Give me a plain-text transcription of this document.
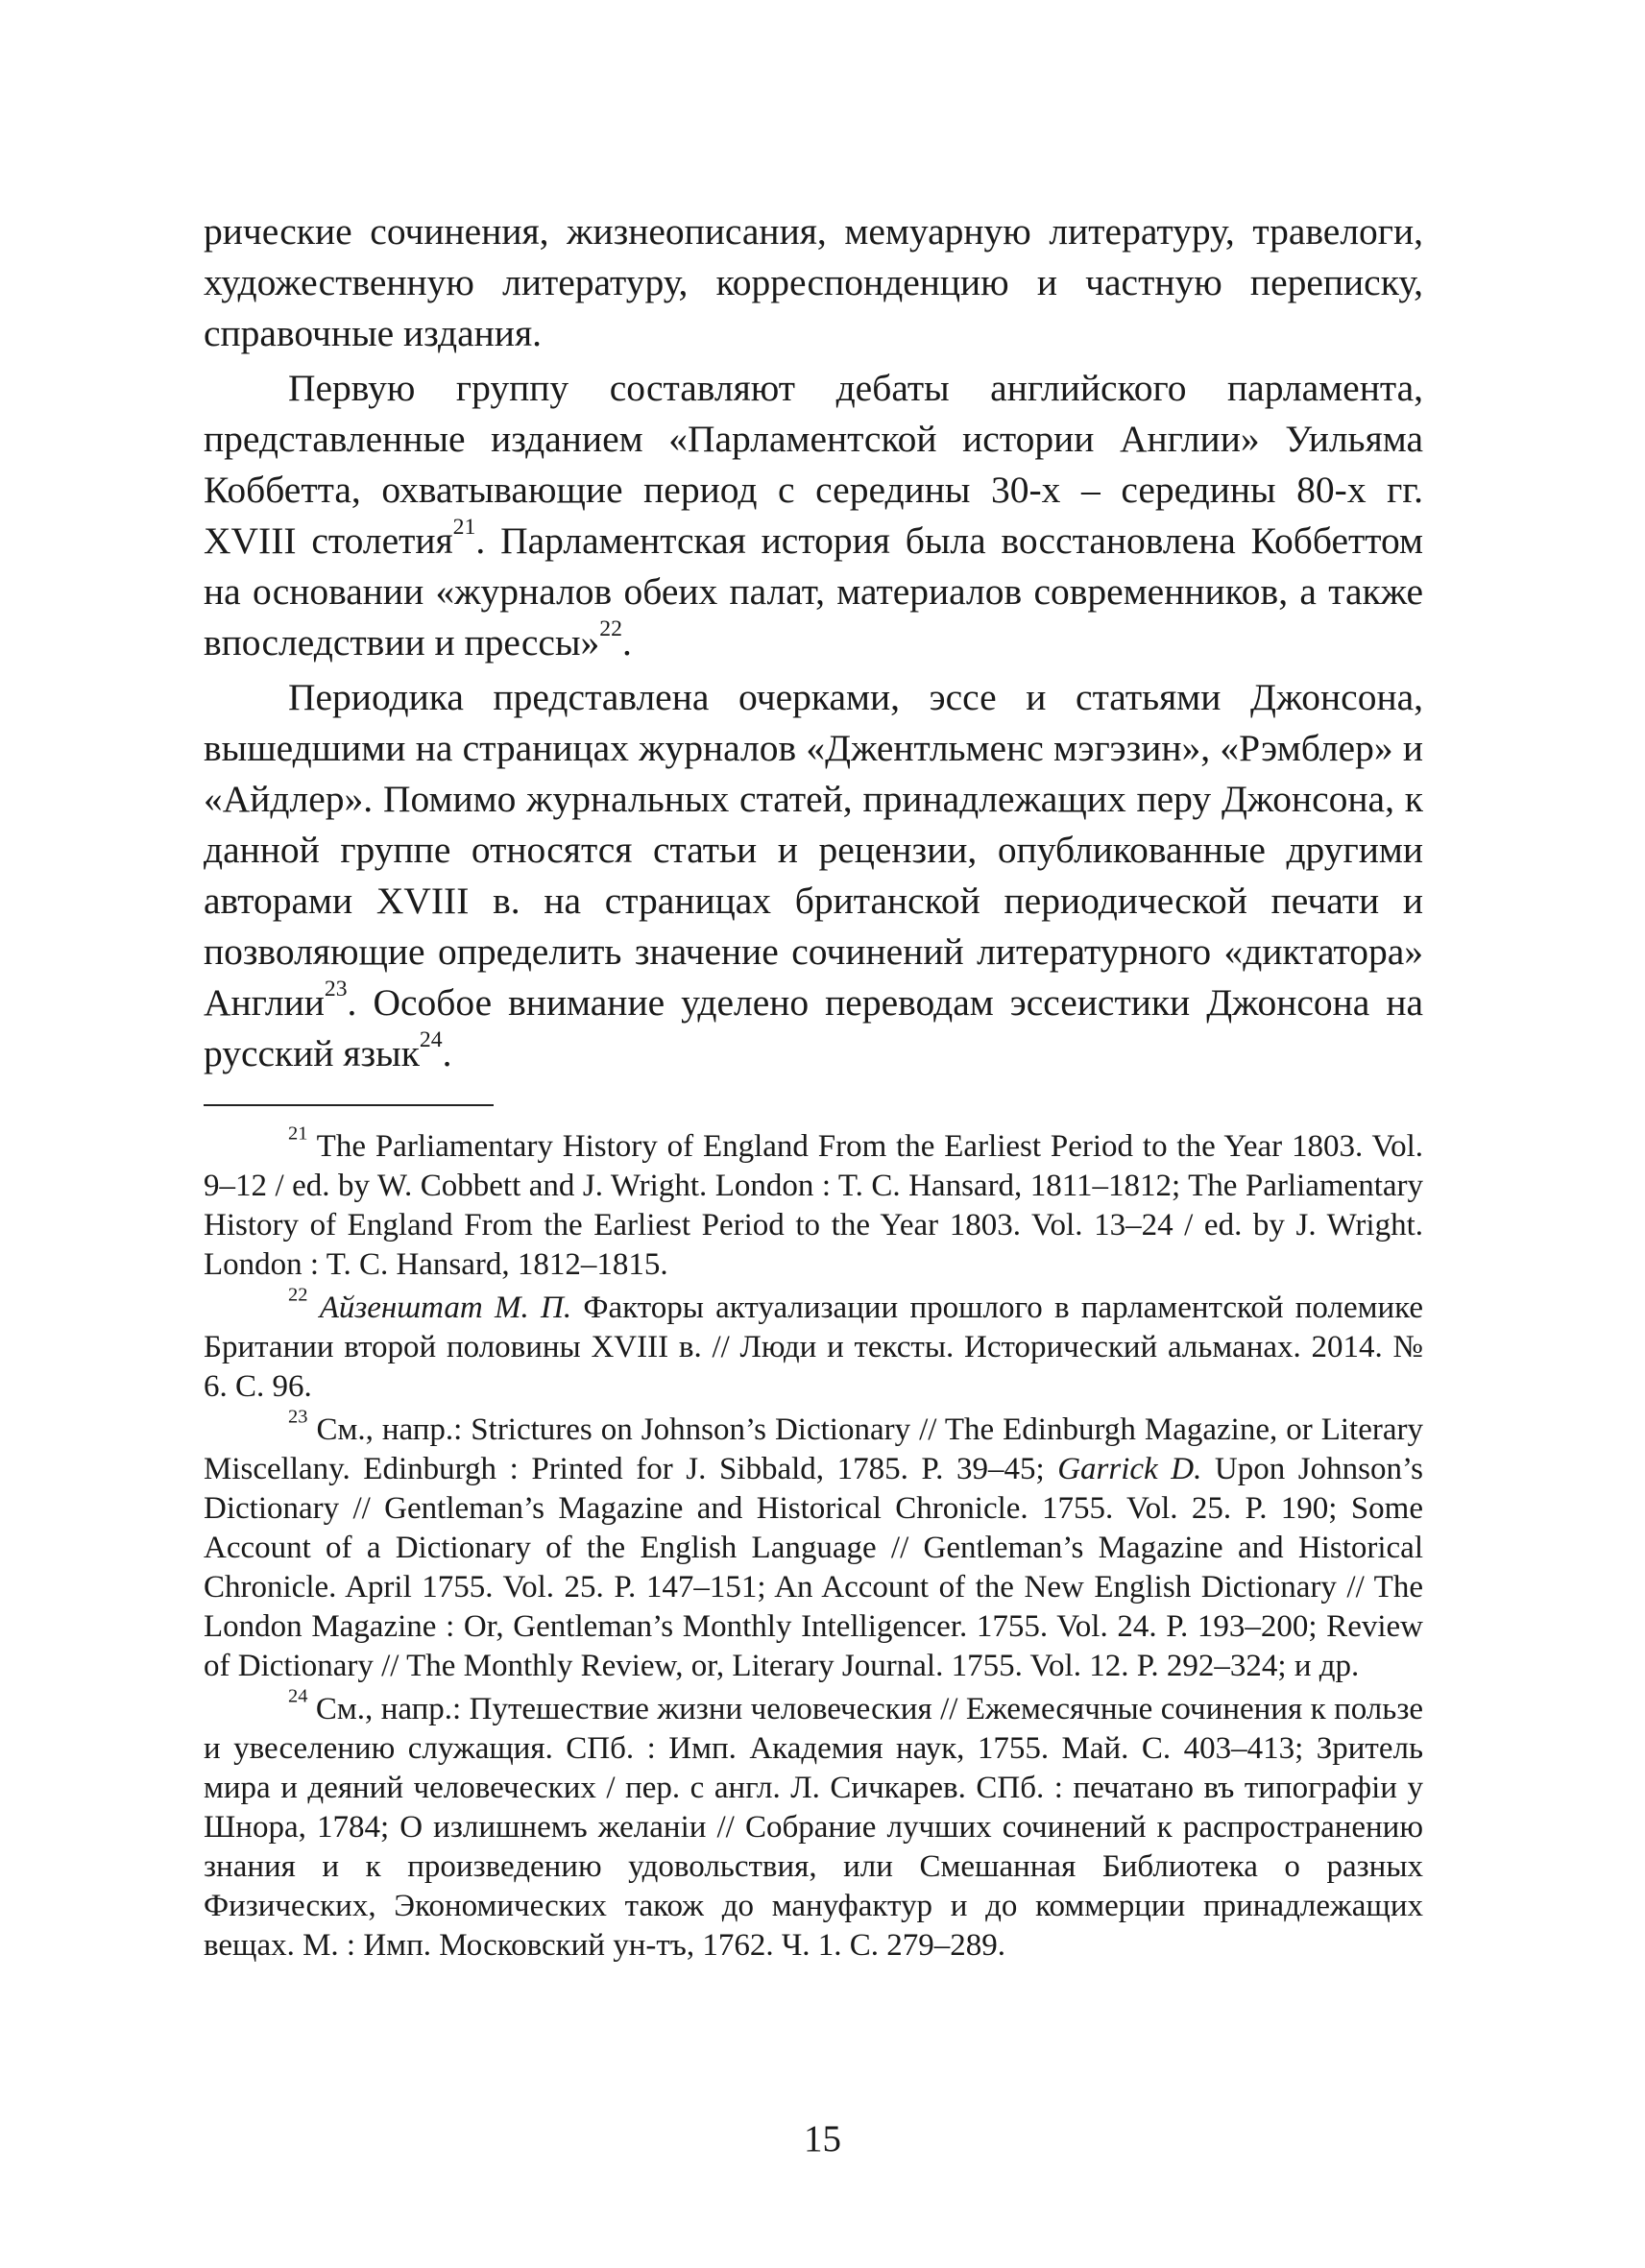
рические сочинения, жизнеописания, мемуарную литературу, травелоги, художественную литературу, корреспонденцию и частную переписку, справочные издания.

Первую группу составляют дебаты английского парламента, представленные изданием «Парламентской истории Англии» Уильяма Коббетта, охватывающие период с середины 30-х – середины 80-х гг. XVIII столетия$^{21}$. Парламентская история была восстановлена Коббеттом на основании «журналов обеих палат, материалов современников, а также впоследствии и прессы»$^{22}$.

Периодика представлена очерками, эссе и статьями Джонсона, вышедшими на страницах журналов «Джентльменс мэгэзин», «Рэмблер» и «Айдлер». Помимо журнальных статей, принадлежащих перу Джонсона, к данной группе относятся статьи и рецензии, опубликованные другими авторами XVIII в. на страницах британской периодической печати и позволяющие определить значение сочинений литературного «диктатора» Англии$^{23}$. Особое внимание уделено переводам эссеистики Джонсона на русский язык$^{24}$.

$^{21}$ The Parliamentary History of England From the Earliest Period to the Year 1803. Vol. 9–12 / ed. by W. Cobbett and J. Wright. London : T. C. Hansard, 1811–1812; The Parliamentary History of England From the Earliest Period to the Year 1803. Vol. 13–24 / ed. by J. Wright. London : T. C. Hansard, 1812–1815.

$^{22}$ Айзенштат М. П. Факторы актуализации прошлого в парламентской полемике Британии второй половины XVIII в. // Люди и тексты. Исторический альманах. 2014. № 6. С. 96.

$^{23}$ См., напр.: Strictures on Johnson’s Dictionary // The Edinburgh Magazine, or Literary Miscellany. Edinburgh : Printed for J. Sibbald, 1785. P. 39–45; Garrick D. Upon Johnson’s Dictionary // Gentleman’s Magazine and Historical Chronicle. 1755. Vol. 25. P. 190; Some Account of a Dictionary of the English Language // Gentleman’s Magazine and Historical Chronicle. April 1755. Vol. 25. P. 147–151; An Account of the New English Dictionary // The London Magazine : Or, Gentleman’s Monthly Intelligencer. 1755. Vol. 24. P. 193–200; Review of Dictionary // The Monthly Review, or, Literary Journal. 1755. Vol. 12. P. 292–324; и др.

$^{24}$ См., напр.: Путешествие жизни человеческия // Ежемесячные сочинения к пользе и увеселению служащия. СПб. : Имп. Академия наук, 1755. Май. С. 403–413; Зритель мира и деяний человеческих / пер. с англ. Л. Сичкарев. СПб. : печатано въ типографіи у Шнора, 1784; О излишнемъ желаніи // Собрание лучших сочинений к распространению знания и к произведению удовольствия, или Смешанная Библиотека о разных Физических, Экономических також до мануфактур и до коммерции принадлежащих вещах. М. : Имп. Московский ун-тъ, 1762. Ч. 1. С. 279–289.

15
